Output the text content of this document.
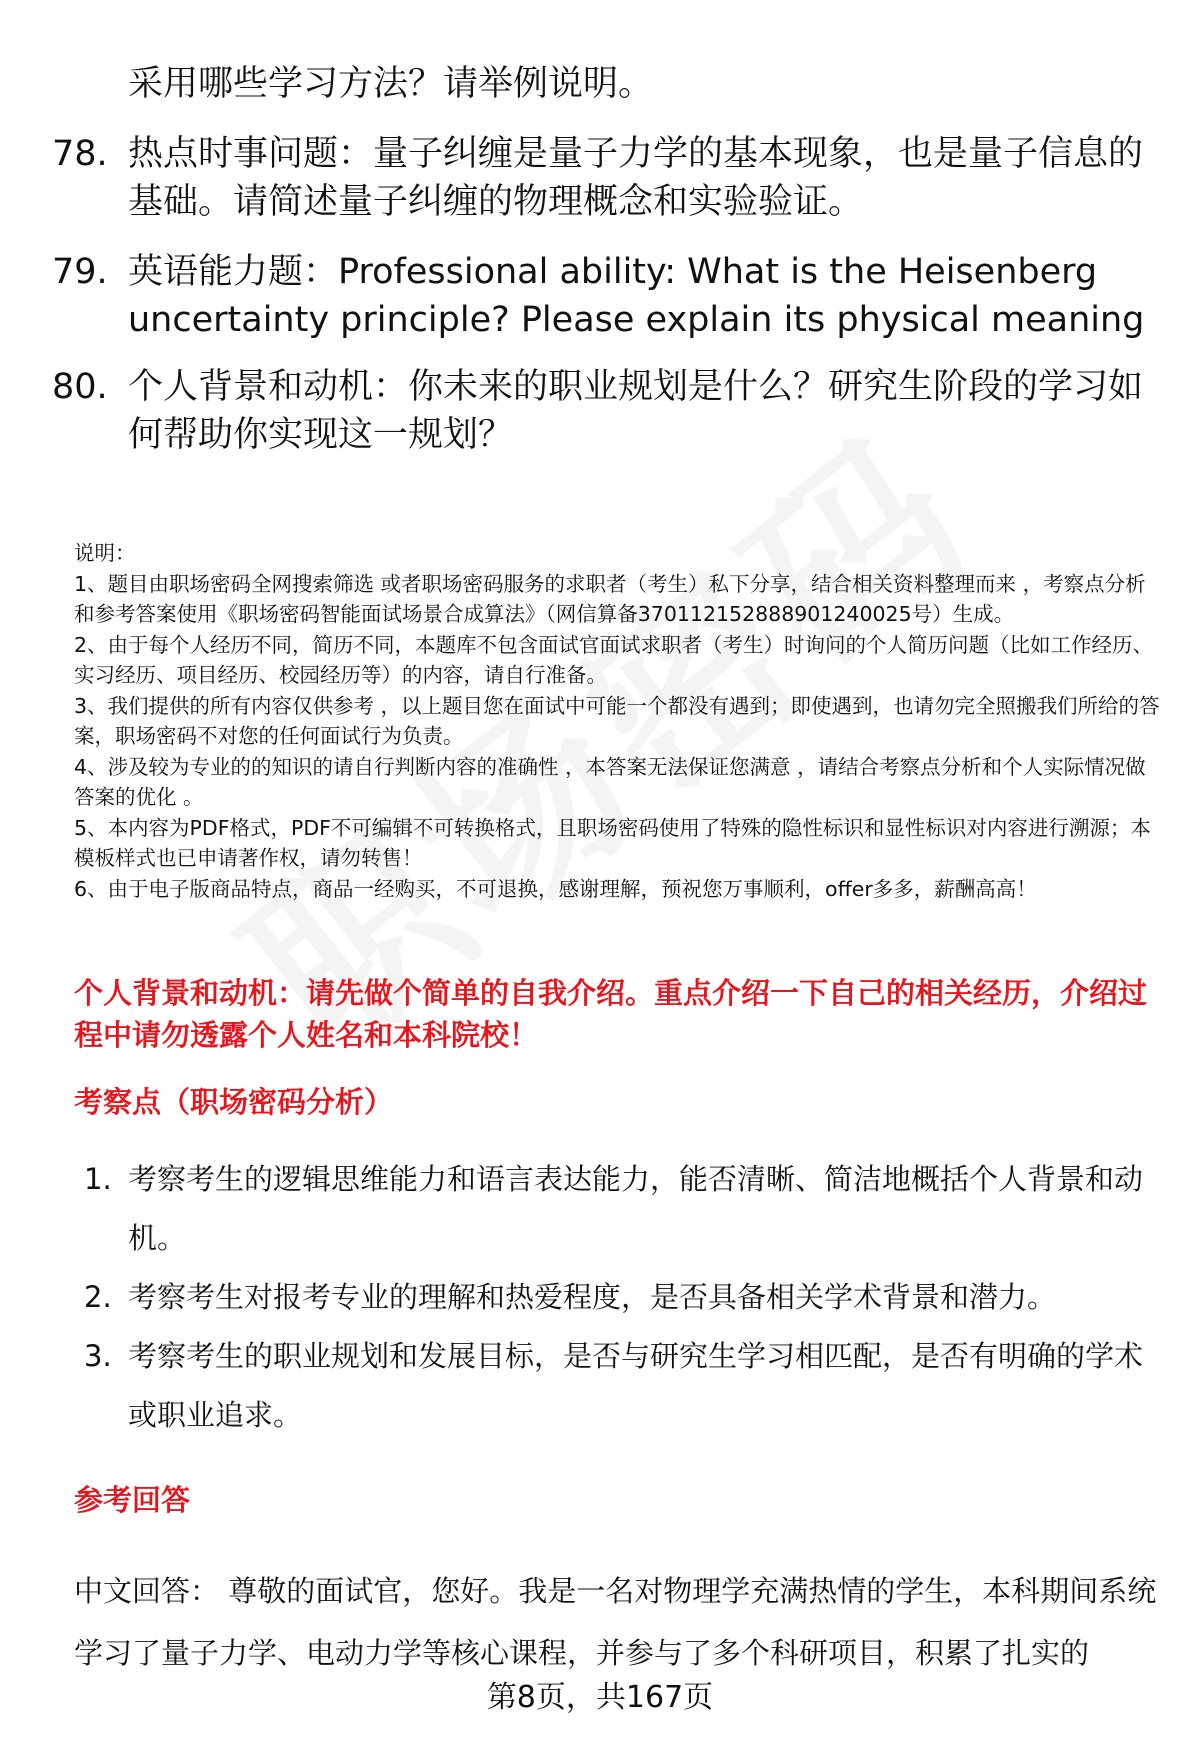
采用哪些学习方法？请举例说明。
78. 热点时事问题：量子纠缠是量子力学的基本现象，也是量子信息的基础。请简述量子纠缠的物理概念和实验验证。
79. 英语能力题：Professional ability: What is the Heisenberg uncertainty principle? Please explain its physical meaning
80. 个人背景和动机：你未来的职业规划是什么？研究生阶段的学习如何帮助你实现这一规划？
说明：
1、题目由职场密码全网搜索筛选 或者职场密码服务的求职者（考生）私下分享，结合相关资料整理而来 ，考察点分析和参考答案使用《职场密码智能面试场景合成算法》（网信算备370112152888901240025号）生成。
2、由于每个人经历不同，简历不同，本题库不包含面试官面试求职者（考生）时询问的个人简历问题（比如工作经历、实习经历、项目经历、校园经历等）的内容，请自行准备。
3、我们提供的所有内容仅供参考 ，以上题目您在面试中可能一个都没有遇到；即使遇到，也请勿完全照搬我们所给的答案，职场密码不对您的任何面试行为负责。
4、涉及较为专业的的知识的请自行判断内容的准确性 ，本答案无法保证您满意 ，请结合考察点分析和个人实际情况做答案的优化 。
5、本内容为PDF格式，PDF不可编辑不可转换格式，且职场密码使用了特殊的隐性标识和显性标识对内容进行溯源；本模板样式也已申请著作权，请勿转售！
6、由于电子版商品特点，商品一经购买，不可退换，感谢理解，预祝您万事顺利，offer多多，薪酬高高！
个人背景和动机：请先做个简单的自我介绍。重点介绍一下自己的相关经历，介绍过程中请勿透露个人姓名和本科院校！
考察点（职场密码分析）
1. 考察考生的逻辑思维能力和语言表达能力，能否清晰、简洁地概括个人背景和动机。
2. 考察考生对报考专业的理解和热爱程度，是否具备相关学术背景和潜力。
3. 考察考生的职业规划和发展目标，是否与研究生学习相匹配，是否有明确的学术或职业追求。
参考回答
中文回答： 尊敬的面试官，您好。我是一名对物理学充满热情的学生，本科期间系统学习了量子力学、电动力学等核心课程，并参与了多个科研项目，积累了扎实的
第8页，共167页
